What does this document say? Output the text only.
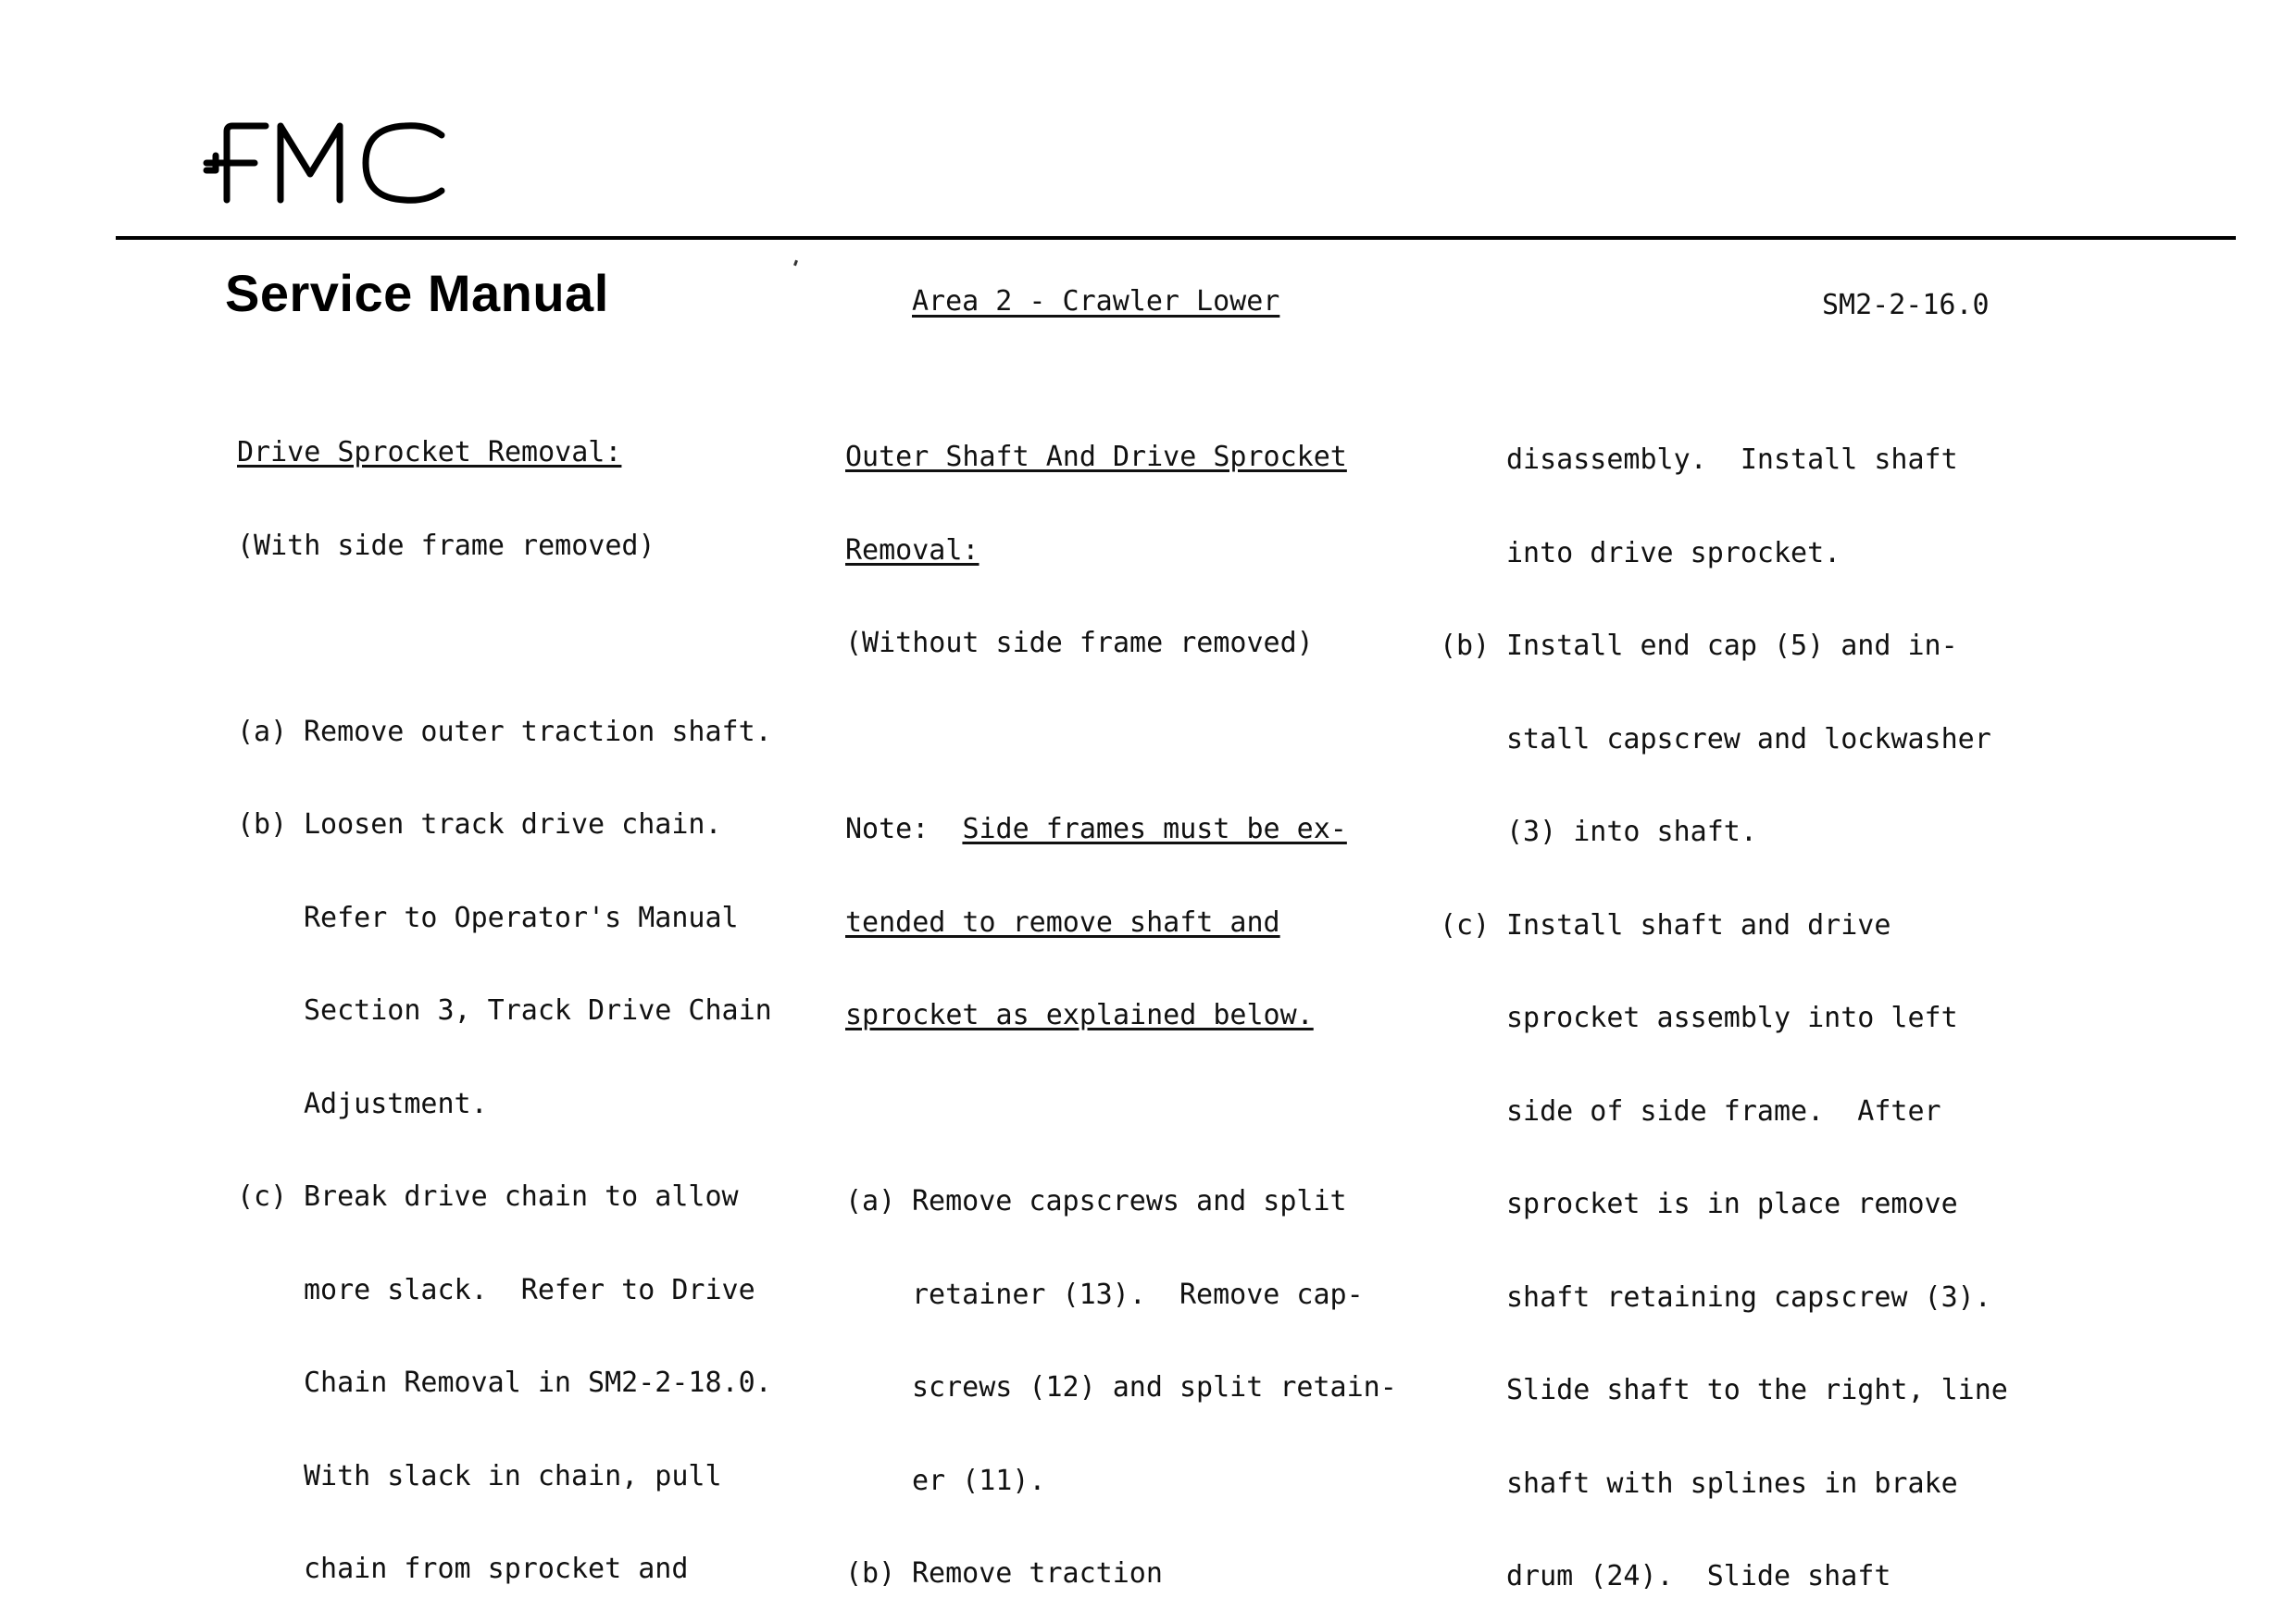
Service Manual	Area 2 - Crawler Lower	SM2-2-16.0

Drive Sprocket Removal:

(With side frame removed)

(a) Remove outer traction shaft.

(b) Loosen track drive chain.

Refer to Operator's Manual

Section 3, Track Drive Chain

Adjustment.

(c) Break drive chain to allow

more slack.  Refer to Drive

Chain Removal in SM2-2-18.0.

With slack in chain, pull

chain from sprocket and

Outer Shaft And Drive Sprocket

Removal:

(Without side frame removed)

Note:  Side frames must be ex-

tended to remove shaft and

sprocket as explained below.

(a) Remove capscrews and split

retainer (13).  Remove cap-

screws (12) and split retain-

er (11).

(b) Remove traction

disassembly.  Install shaft

into drive sprocket.

(b) Install end cap (5) and in-

stall capscrew and lockwasher

(3) into shaft.

(c) Install shaft and drive

sprocket assembly into left

side of side frame.  After

sprocket is in place remove

shaft retaining capscrew (3).

Slide shaft to the right, line

shaft with splines in brake

drum (24).  Slide shaft
